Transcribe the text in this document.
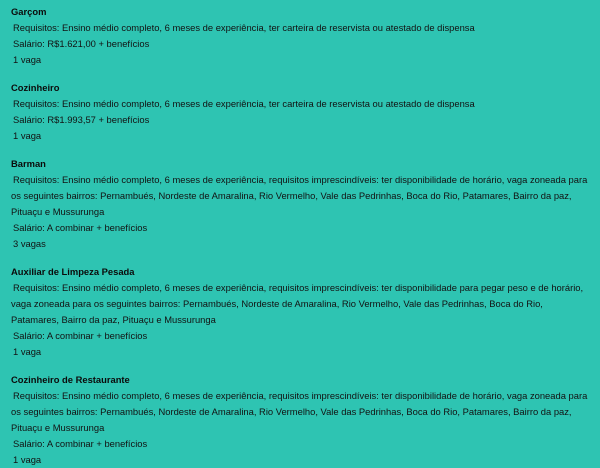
Garçom

Requisitos: Ensino médio completo, 6 meses de experiência, ter carteira de reservista ou atestado de dispensa

Salário: R$1.621,00 + benefícios

1 vaga

Cozinheiro

Requisitos: Ensino médio completo, 6 meses de experiência, ter carteira de reservista ou atestado de dispensa

Salário: R$1.993,57 + benefícios

1 vaga

Barman

Requisitos: Ensino médio completo, 6 meses de experiência, requisitos imprescindíveis: ter disponibilidade de horário, vaga zoneada para os seguintes bairros: Pernambués, Nordeste de Amaralina, Rio Vermelho, Vale das Pedrinhas, Boca do Rio, Patamares, Bairro da paz, Pituaçu e Mussurunga

Salário: A combinar + benefícios

3 vagas

Auxiliar de Limpeza Pesada

Requisitos: Ensino médio completo, 6 meses de experiência, requisitos imprescindíveis: ter disponibilidade para pegar peso e de horário, vaga zoneada para os seguintes bairros: Pernambués, Nordeste de Amaralina, Rio Vermelho, Vale das Pedrinhas, Boca do Rio, Patamares, Bairro da paz, Pituaçu e Mussurunga

Salário: A combinar + benefícios

1 vaga

Cozinheiro de Restaurante

Requisitos: Ensino médio completo, 6 meses de experiência, requisitos imprescindíveis: ter disponibilidade de horário, vaga zoneada para os seguintes bairros: Pernambués, Nordeste de Amaralina, Rio Vermelho, Vale das Pedrinhas, Boca do Rio, Patamares, Bairro da paz, Pituaçu e Mussurunga

Salário: A combinar + benefícios

1 vaga
